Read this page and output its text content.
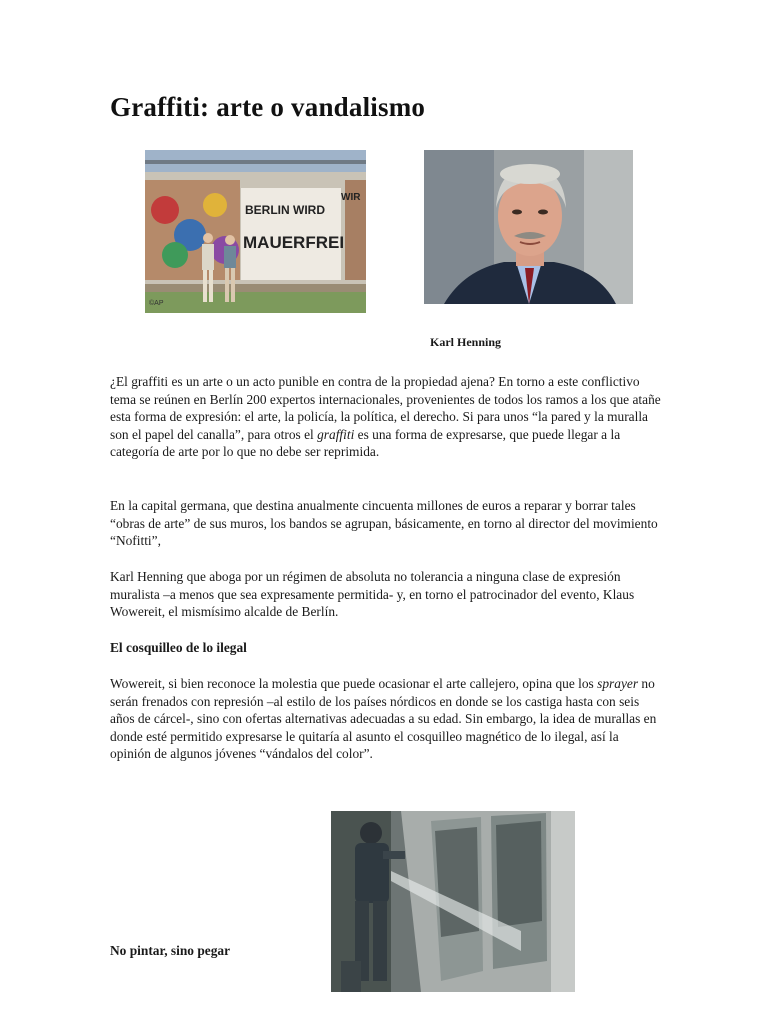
Graffiti: arte o vandalismo
BERLIN WIRD
MAUERFREI
WIR
©AP
Karl Henning

¿El graffiti es un arte o un acto punible en contra de la propiedad ajena? En torno a este conflictivo tema se reúnen en Berlín 200 expertos internacionales, provenientes de todos los ramos a los que atañe esta forma de expresión: el arte, la policía, la política, el derecho. Si para unos “la pared y la muralla son el papel del canalla”, para otros el graffiti es una forma de expresarse, que puede llegar a la categoría de arte por lo que no debe ser reprimida.

En la capital germana, que destina anualmente cincuenta millones de euros a reparar y borrar tales “obras de arte” de sus muros, los bandos se agrupan, básicamente, en torno al director del movimiento “Nofitti”,

Karl Henning que aboga por un régimen de absoluta no tolerancia a ninguna clase de expresión muralista –a menos que sea expresamente permitida- y, en torno el patrocinador del evento, Klaus Wowereit, el mismísimo alcalde de Berlín.

El cosquilleo de lo ilegal

Wowereit, si bien reconoce la molestia que puede ocasionar el arte callejero, opina que los sprayer no serán frenados con represión –al estilo de los países nórdicos en donde se los castiga hasta con seis años de cárcel-, sino con ofertas alternativas adecuadas a su edad. Sin embargo, la idea de murallas en donde esté permitido expresarse le quitaría al asunto el cosquilleo magnético de lo ilegal, así la opinión de algunos jóvenes “vándalos del color”.

No pintar, sino pegar
